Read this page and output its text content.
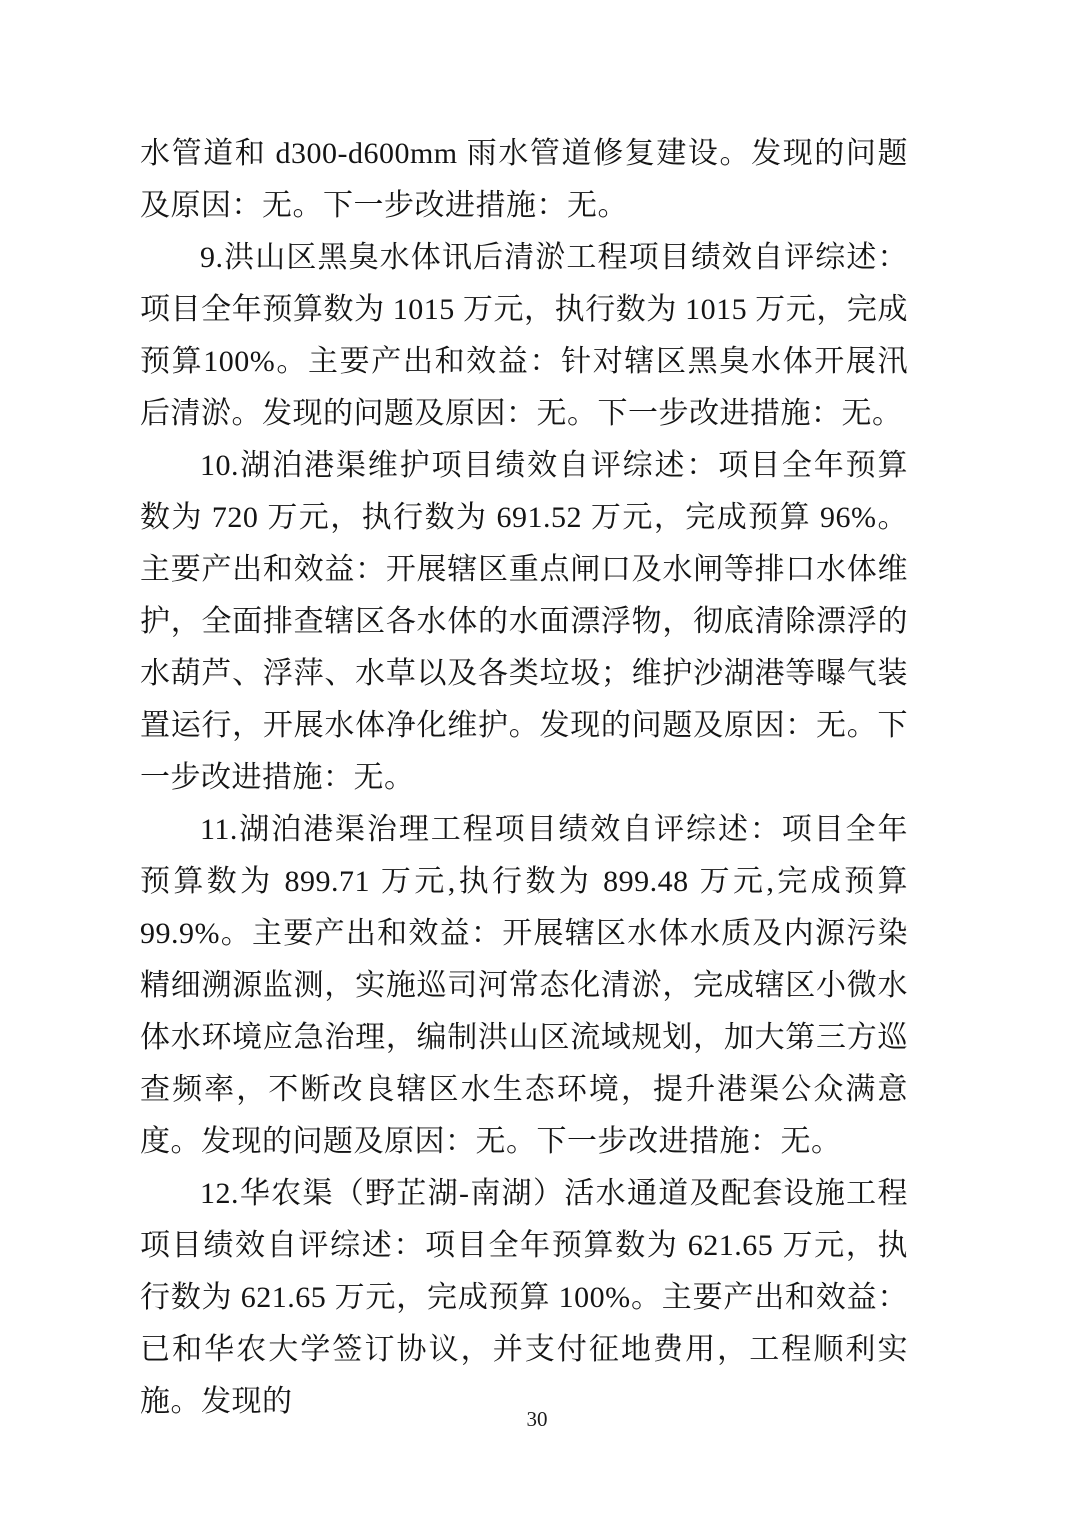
水管道和 d300-d600mm 雨水管道修复建设。发现的问题及原因：无。下一步改进措施：无。

9.洪山区黑臭水体讯后清淤工程项目绩效自评综述：项目全年预算数为 1015 万元，执行数为 1015 万元，完成预算100%。主要产出和效益：针对辖区黑臭水体开展汛后清淤。发现的问题及原因：无。下一步改进措施：无。

10.湖泊港渠维护项目绩效自评综述：项目全年预算数为 720 万元，执行数为 691.52 万元，完成预算 96%。主要产出和效益：开展辖区重点闸口及水闸等排口水体维护，全面排查辖区各水体的水面漂浮物，彻底清除漂浮的水葫芦、浮萍、水草以及各类垃圾；维护沙湖港等曝气装置运行，开展水体净化维护。发现的问题及原因：无。下一步改进措施：无。

11.湖泊港渠治理工程项目绩效自评综述：项目全年预算数为 899.71 万元,执行数为 899.48 万元,完成预算 99.9%。主要产出和效益：开展辖区水体水质及内源污染精细溯源监测，实施巡司河常态化清淤，完成辖区小微水体水环境应急治理，编制洪山区流域规划，加大第三方巡查频率，不断改良辖区水生态环境，提升港渠公众满意度。发现的问题及原因：无。下一步改进措施：无。

12.华农渠（野芷湖-南湖）活水通道及配套设施工程项目绩效自评综述：项目全年预算数为 621.65 万元，执行数为 621.65 万元，完成预算 100%。主要产出和效益：已和华农大学签订协议，并支付征地费用，工程顺利实施。发现的

30
